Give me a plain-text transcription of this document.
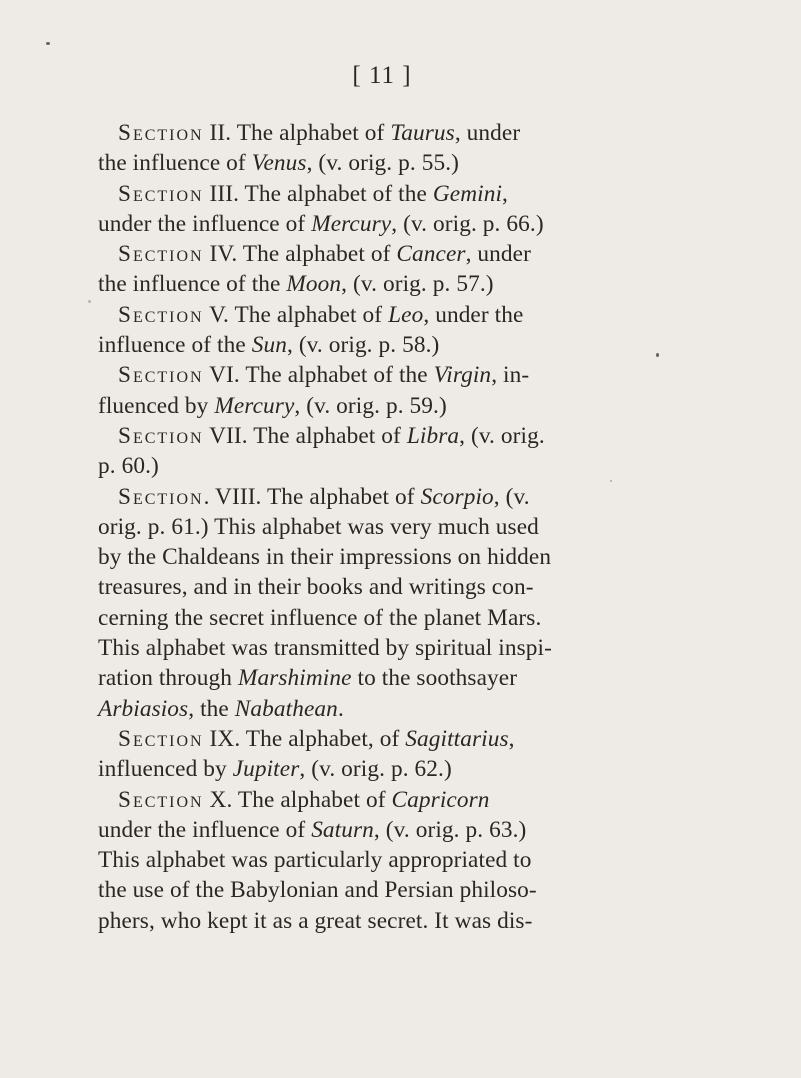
[ 11 ]
Section II. The alphabet of Taurus, under
the influence of Venus, (v. orig. p. 55.)
Section III. The alphabet of the Gemini,
under the influence of Mercury, (v. orig. p. 66.)
Section IV. The alphabet of Cancer, under
the influence of the Moon, (v. orig. p. 57.)
Section V. The alphabet of Leo, under the
influence of the Sun, (v. orig. p. 58.)
Section VI. The alphabet of the Virgin, in-
fluenced by Mercury, (v. orig. p. 59.)
Section VII. The alphabet of Libra, (v. orig.
p. 60.)
Section. VIII. The alphabet of Scorpio, (v.
orig. p. 61.) This alphabet was very much used
by the Chaldeans in their impressions on hidden
treasures, and in their books and writings con-
cerning the secret influence of the planet Mars.
This alphabet was transmitted by spiritual inspi-
ration through Marshimine to the soothsayer
Arbiasios, the Nabathean.
Section IX. The alphabet, of Sagittarius,
influenced by Jupiter, (v. orig. p. 62.)
Section X. The alphabet of Capricorn
under the influence of Saturn, (v. orig. p. 63.)
This alphabet was particularly appropriated to
the use of the Babylonian and Persian philoso-
phers, who kept it as a great secret. It was dis-
